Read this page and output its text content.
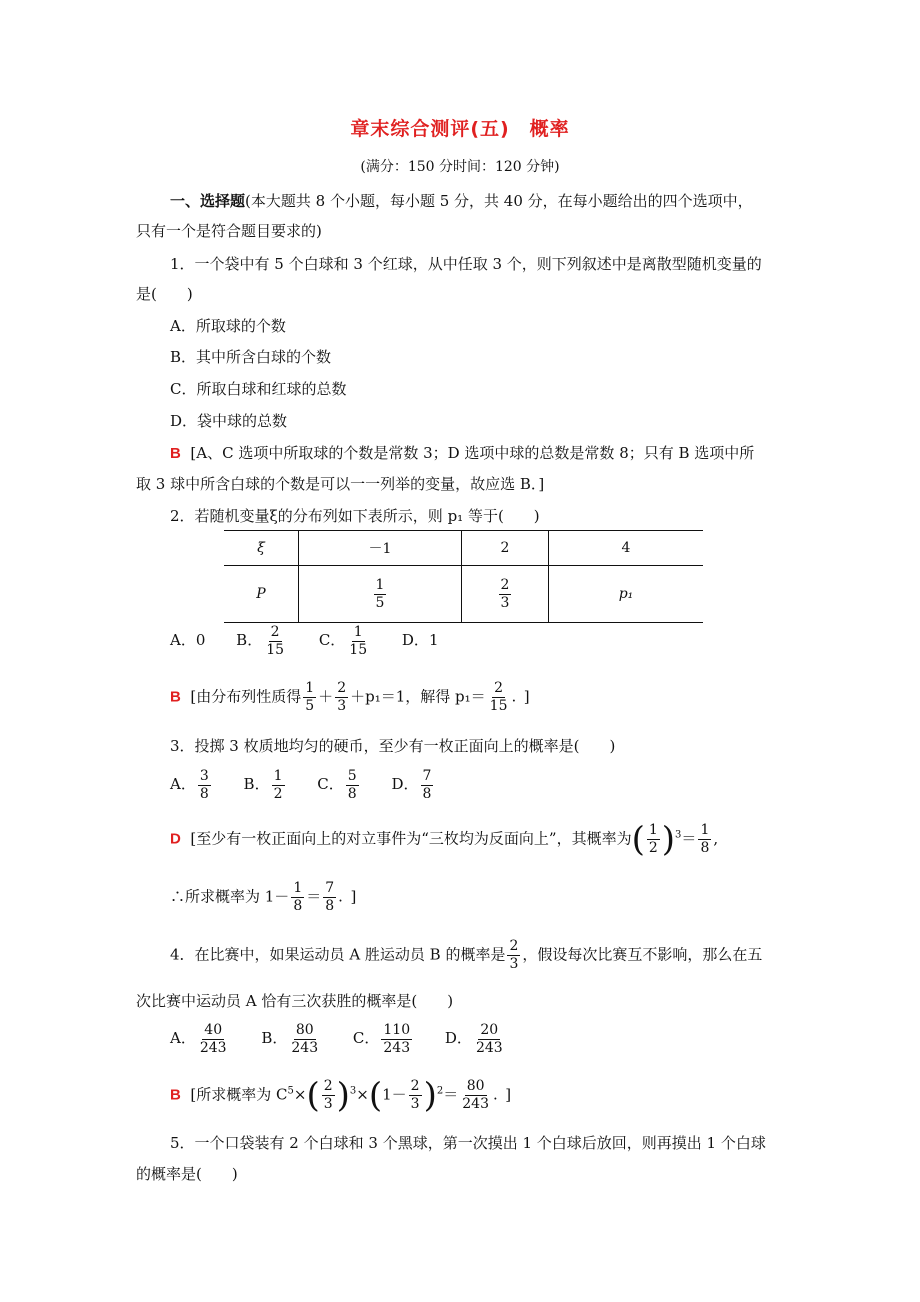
章末综合测评(五)　概率
(满分：150 分时间：120 分钟)
一、选择题(本大题共 8 个小题，每小题 5 分，共 40 分，在每小题给出的四个选项中，
只有一个是符合题目要求的)
1．一个袋中有 5 个白球和 3 个红球，从中任取 3 个，则下列叙述中是离散型随机变量的
是(　　)
A．所取球的个数
B．其中所含白球的个数
C．所取白球和红球的总数
D．袋中球的总数
B [A、C 选项中所取球的个数是常数 3；D 选项中球的总数是常数 8；只有 B 选项中所
取 3 球中所含白球的个数是可以一一列举的变量，故应选 B．]
2．若随机变量ξ的分布列如下表所示，则 p₁ 等于(　　)
ξ	－1	2	4
P	$\frac{1}{5}$	$\frac{2}{3}$	p₁
A．0 B． $\frac{2}{15}$ C． $\frac{1}{15}$ D．1
B [由分布列性质得 $\frac{1}{5} + \frac{2}{3} +p_1=1$，解得 $p_1= \frac{2}{15}$ . ]
3．投掷 3 枚质地均匀的硬币，至少有一枚正面向上的概率是(　　)
A． $\frac{3}{8}$ B． $\frac{1}{2}$ C． $\frac{5}{8}$ D． $\frac{7}{8}$
D [至少有一枚正面向上的对立事件为“三枚均为反面向上”，其概率为( $\frac{1}{2} )^3= \frac{1}{8}$ ,
∴所求概率为 $1- \frac{1}{8} = \frac{7}{8}$ . ]
4．在比赛中，如果运动员 A 胜运动员 B 的概率是 $\frac{2}{3}$ ，假设每次比赛互不影响，那么在五
次比赛中运动员 A 恰有三次获胜的概率是(　　)
A． $\frac{40}{243}$ B． $\frac{80}{243}$ C． $\frac{110}{243}$ D． $\frac{20}{243}$
B [所求概率为 $C^5\times( \frac{2}{3} )^3\times(1- \frac{2}{3} )^2= \frac{80}{243}$ . ]
5．一个口袋装有 2 个白球和 3 个黑球，第一次摸出 1 个白球后放回，则再摸出 1 个白球
的概率是(　　)
